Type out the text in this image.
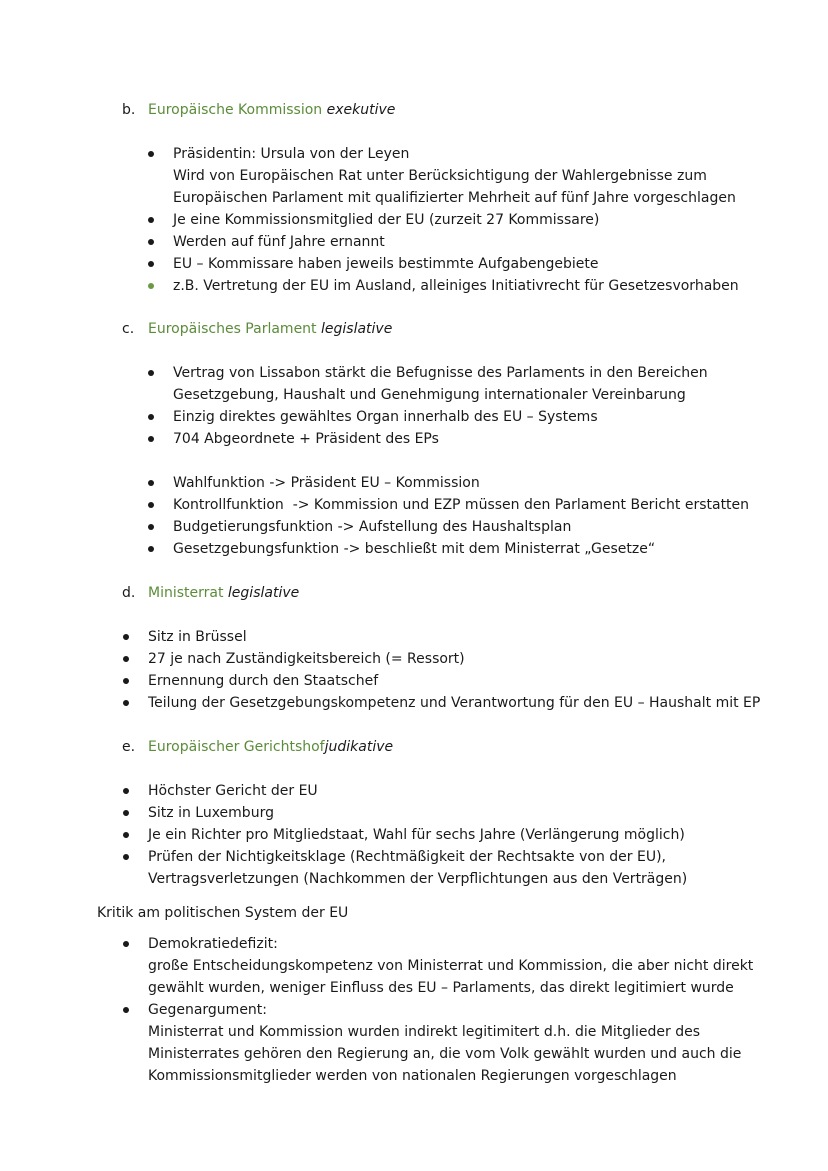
b. Europäische Kommission exekutive
Präsidentin: Ursula von der Leyen
Wird von Europäischen Rat unter Berücksichtigung der Wahlergebnisse zum
Europäischen Parlament mit qualifizierter Mehrheit auf fünf Jahre vorgeschlagen
Je eine Kommissionsmitglied der EU (zurzeit 27 Kommissare)
Werden auf fünf Jahre ernannt
EU – Kommissare haben jeweils bestimmte Aufgabengebiete
z.B. Vertretung der EU im Ausland, alleiniges Initiativrecht für Gesetzesvorhaben
c. Europäisches Parlament legislative
Vertrag von Lissabon stärkt die Befugnisse des Parlaments in den Bereichen
Gesetzgebung, Haushalt und Genehmigung internationaler Vereinbarung
Einzig direktes gewähltes Organ innerhalb des EU – Systems
704 Abgeordnete + Präsident des EPs
Wahlfunktion -> Präsident EU – Kommission
Kontrollfunktion  -> Kommission und EZP müssen den Parlament Bericht erstatten
Budgetierungsfunktion -> Aufstellung des Haushaltsplan
Gesetzgebungsfunktion -> beschließt mit dem Ministerrat „Gesetze“
d. Ministerrat legislative
Sitz in Brüssel
27 je nach Zuständigkeitsbereich (= Ressort)
Ernennung durch den Staatschef
Teilung der Gesetzgebungskompetenz und Verantwortung für den EU – Haushalt mit EP
e. Europäischer Gerichtshofjudikative
Höchster Gericht der EU
Sitz in Luxemburg
Je ein Richter pro Mitgliedstaat, Wahl für sechs Jahre (Verlängerung möglich)
Prüfen der Nichtigkeitsklage (Rechtmäßigkeit der Rechtsakte von der EU),
Vertragsverletzungen (Nachkommen der Verpflichtungen aus den Verträgen)
Kritik am politischen System der EU
Demokratiedefizit:
große Entscheidungskompetenz von Ministerrat und Kommission, die aber nicht direkt
gewählt wurden, weniger Einfluss des EU – Parlaments, das direkt legitimiert wurde
Gegenargument:
Ministerrat und Kommission wurden indirekt legitimitert d.h. die Mitglieder des
Ministerrates gehören den Regierung an, die vom Volk gewählt wurden und auch die
Kommissionsmitglieder werden von nationalen Regierungen vorgeschlagen
